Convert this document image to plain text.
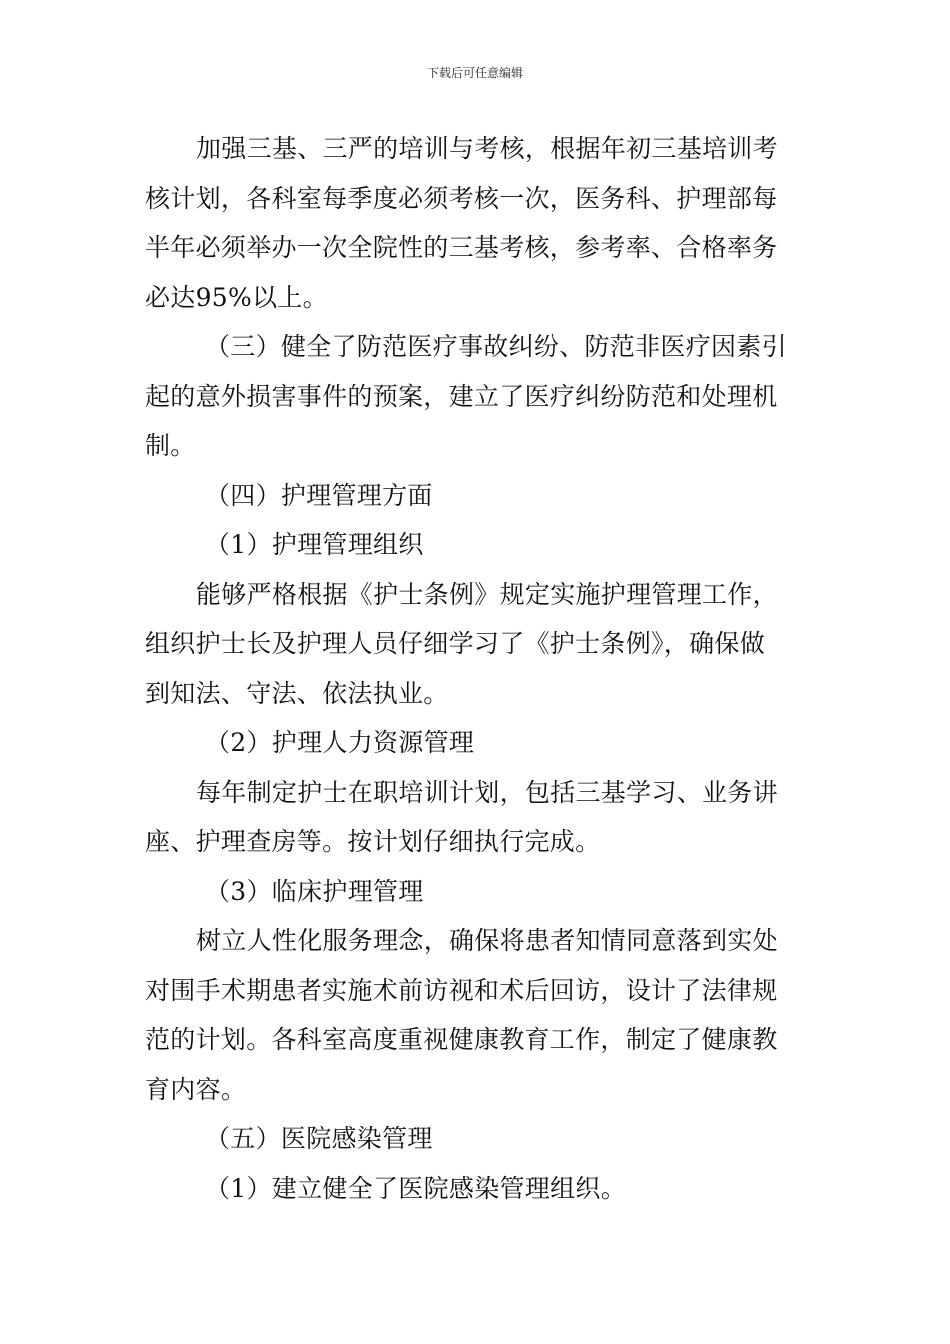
下载后可任意编辑

加强三基、三严的培训与考核，根据年初三基培训考

核计划，各科室每季度必须考核一次，医务科、护理部每

半年必须举办一次全院性的三基考核，参考率、合格率务

必达95%以上。

（三）健全了防范医疗事故纠纷、防范非医疗因素引

起的意外损害事件的预案，建立了医疗纠纷防范和处理机

制。

（四）护理管理方面

（1）护理管理组织

能够严格根据《护士条例》规定实施护理管理工作，

组织护士长及护理人员仔细学习了《护士条例》，确保做

到知法、守法、依法执业。

（2）护理人力资源管理

每年制定护士在职培训计划，包括三基学习、业务讲

座、护理查房等。按计划仔细执行完成。

（3）临床护理管理

树立人性化服务理念，确保将患者知情同意落到实处

对围手术期患者实施术前访视和术后回访，设计了法律规

范的计划。各科室高度重视健康教育工作，制定了健康教

育内容。

（五）医院感染管理

（1）建立健全了医院感染管理组织。
